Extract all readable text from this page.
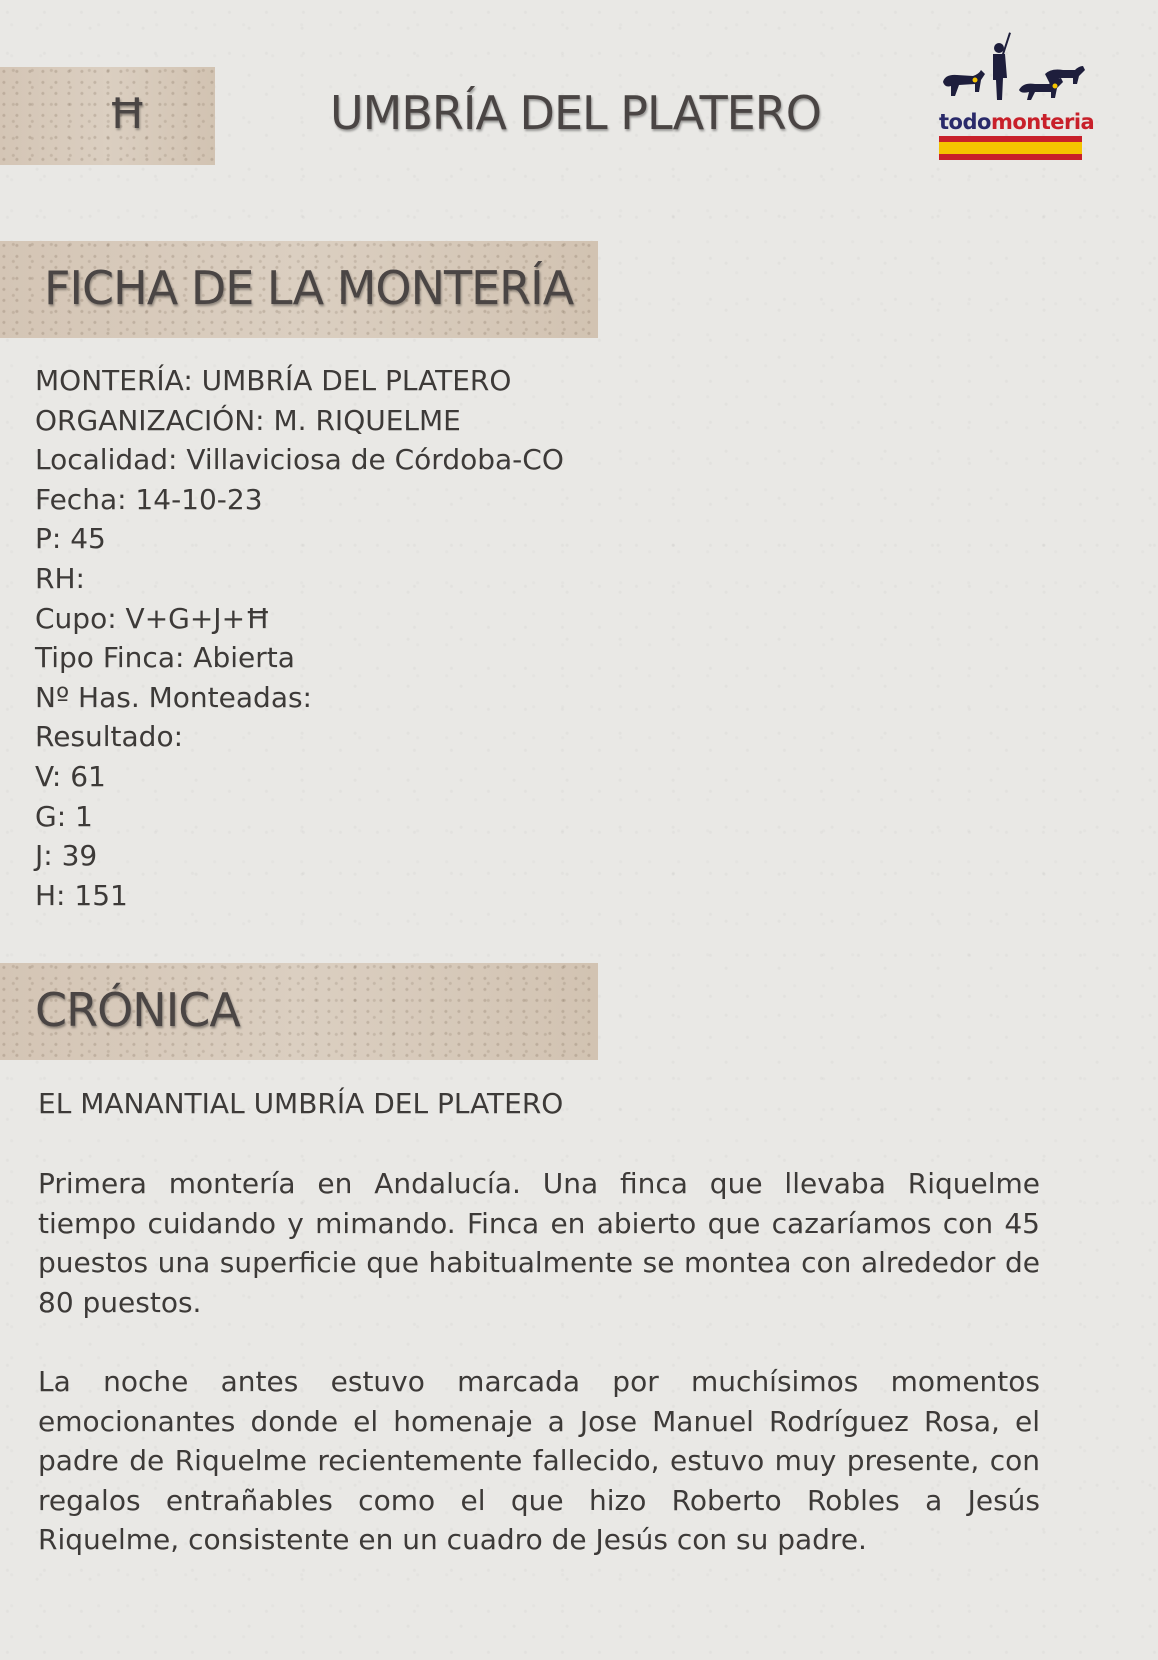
Ħ	UMBRÍA DEL PLATERO	todomonteria
FICHA DE LA MONTERÍA
MONTERÍA: UMBRÍA DEL PLATERO
ORGANIZACIÓN: M. RIQUELME
Localidad: Villaviciosa de Córdoba-CO
Fecha: 14-10-23
P: 45
RH:
Cupo: V+G+J+Ħ
Tipo Finca: Abierta
Nº Has. Monteadas:
Resultado:
V: 61
G: 1
J: 39
H: 151
CRÓNICA
EL MANANTIAL UMBRÍA DEL PLATERO

Primera montería en Andalucía. Una finca que llevaba Riquelme tiempo cuidando y mimando. Finca en abierto que cazaríamos con 45 puestos una superficie que habitualmente se montea con alrededor de 80 puestos.

La noche antes estuvo marcada por muchísimos momentos emocionantes donde el homenaje a Jose Manuel Rodríguez Rosa, el padre de Riquelme recientemente fallecido, estuvo muy presente, con regalos entrañables como el que hizo Roberto Robles a Jesús Riquelme, consistente en un cuadro de Jesús con su padre.
